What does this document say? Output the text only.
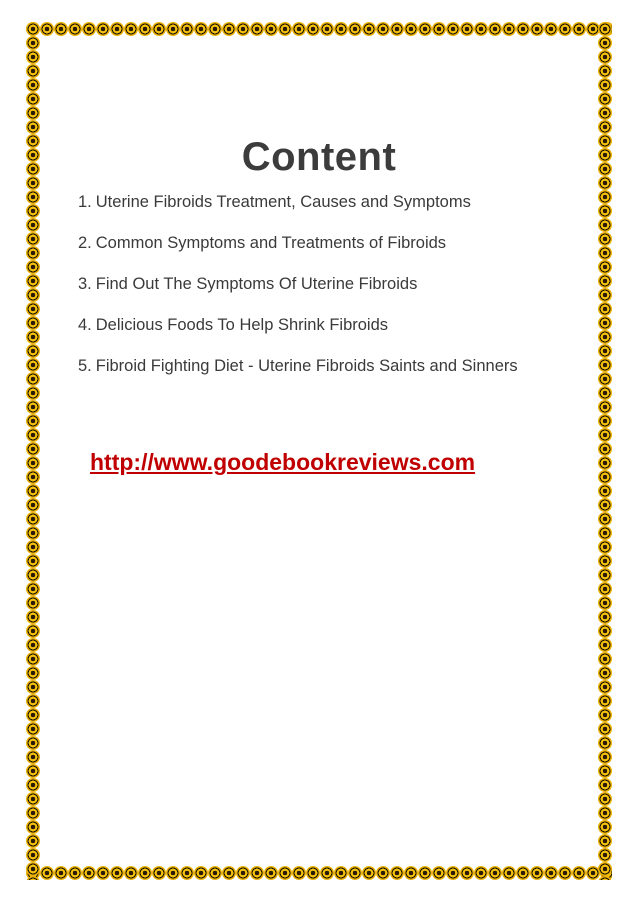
Content
1. Uterine Fibroids Treatment, Causes and Symptoms
2. Common Symptoms and Treatments of Fibroids
3. Find Out The Symptoms Of Uterine Fibroids
4. Delicious Foods To Help Shrink Fibroids
5. Fibroid Fighting Diet - Uterine Fibroids Saints and Sinners
http://www.goodebookreviews.com
